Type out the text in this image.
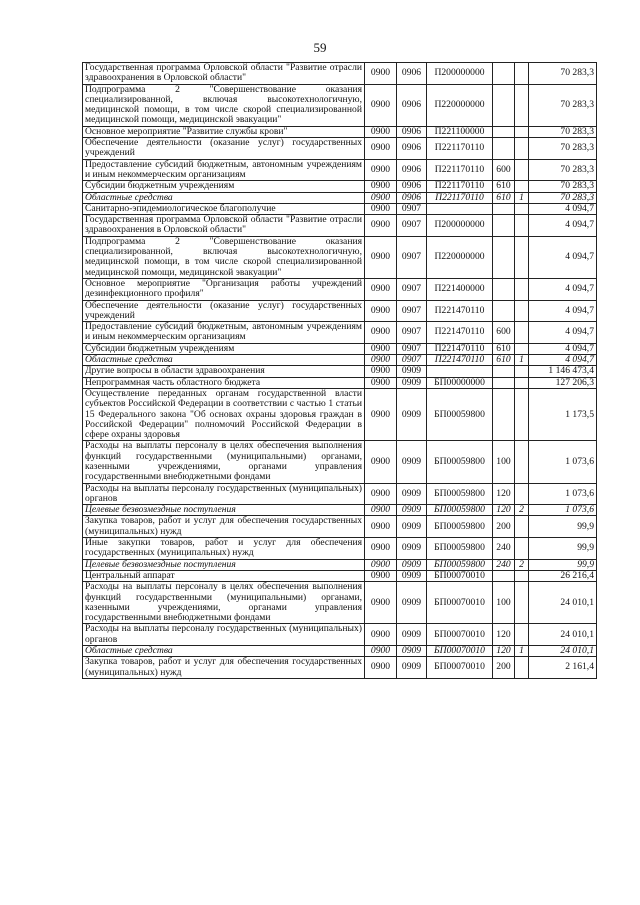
59
Государственная программа Орловской области "Развитие отрасли здравоохранения в Орловской области"	0900	0906	П200000000			70 283,3
Подпрограмма 2 "Совершенствование оказания специализированной, включая высокотехнологичную, медицинской помощи, в том числе скорой специализированной медицинской помощи, медицинской эвакуации"	0900	0906	П220000000			70 283,3
Основное мероприятие "Развитие службы крови"	0900	0906	П221100000			70 283,3
Обеспечение деятельности (оказание услуг) государственных учреждений	0900	0906	П221170110			70 283,3
Предоставление субсидий бюджетным, автономным учреждениям и иным некоммерческим организациям	0900	0906	П221170110	600		70 283,3
Субсидии бюджетным учреждениям	0900	0906	П221170110	610		70 283,3
Областные средства	0900	0906	П221170110	610	1	70 283,3
Санитарно-эпидемиологическое благополучие	0900	0907				4 094,7
Государственная программа Орловской области "Развитие отрасли здравоохранения в Орловской области"	0900	0907	П200000000			4 094,7
Подпрограмма 2 "Совершенствование оказания специализированной, включая высокотехнологичную, медицинской помощи, в том числе скорой специализированной медицинской помощи, медицинской эвакуации"	0900	0907	П220000000			4 094,7
Основное мероприятие "Организация работы учреждений дезинфекционного профиля"	0900	0907	П221400000			4 094,7
Обеспечение деятельности (оказание услуг) государственных учреждений	0900	0907	П221470110			4 094,7
Предоставление субсидий бюджетным, автономным учреждениям и иным некоммерческим организациям	0900	0907	П221470110	600		4 094,7
Субсидии бюджетным учреждениям	0900	0907	П221470110	610		4 094,7
Областные средства	0900	0907	П221470110	610	1	4 094,7
Другие вопросы в области здравоохранения	0900	0909				1 146 473,4
Непрограммная часть областного бюджета	0900	0909	БП00000000			127 206,3
Осуществление переданных органам государственной власти субъектов Российской Федерации в соответствии с частью 1 статьи 15 Федерального закона "Об основах охраны здоровья граждан в Российской Федерации" полномочий Российской Федерации в сфере охраны здоровья	0900	0909	БП00059800			1 173,5
Расходы на выплаты персоналу в целях обеспечения выполнения функций государственными (муниципальными) органами, казенными учреждениями, органами управления государственными внебюджетными фондами	0900	0909	БП00059800	100		1 073,6
Расходы на выплаты персоналу государственных (муниципальных) органов	0900	0909	БП00059800	120		1 073,6
Целевые безвозмездные поступления	0900	0909	БП00059800	120	2	1 073,6
Закупка товаров, работ и услуг для обеспечения государственных (муниципальных) нужд	0900	0909	БП00059800	200		99,9
Иные закупки товаров, работ и услуг для обеспечения государственных (муниципальных) нужд	0900	0909	БП00059800	240		99,9
Целевые безвозмездные поступления	0900	0909	БП00059800	240	2	99,9
Центральный аппарат	0900	0909	БП00070010			26 216,4
Расходы на выплаты персоналу в целях обеспечения выполнения функций государственными (муниципальными) органами, казенными учреждениями, органами управления государственными внебюджетными фондами	0900	0909	БП00070010	100		24 010,1
Расходы на выплаты персоналу государственных (муниципальных) органов	0900	0909	БП00070010	120		24 010,1
Областные средства	0900	0909	БП00070010	120	1	24 010,1
Закупка товаров, работ и услуг для обеспечения государственных (муниципальных) нужд	0900	0909	БП00070010	200		2 161,4
